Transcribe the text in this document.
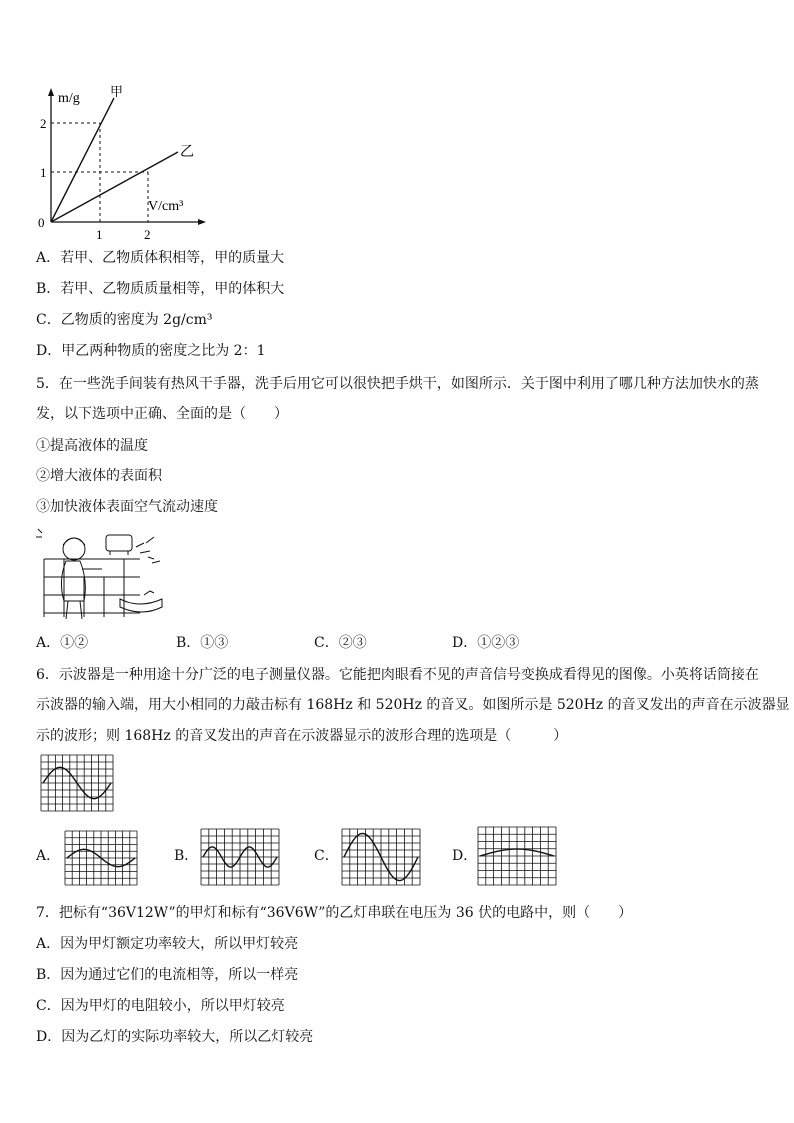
m/g
V/cm³
0
1
2
1	2
甲
乙
A．若甲、乙物质体积相等，甲的质量大
B．若甲、乙物质质量相等，甲的体积大
C．乙物质的密度为 2g/cm³
D．甲乙两种物质的密度之比为 2：1
5．在一些洗手间装有热风干手器，洗手后用它可以很快把手烘干，如图所示．关于图中利用了哪几种方法加快水的蒸
发，以下选项中正确、全面的是（　　）
①提高液体的温度
②增大液体的表面积
③加快液体表面空气流动速度
A．①②	B．①③	C．②③	D．①②③
6．示波器是一种用途十分广泛的电子测量仪器。它能把肉眼看不见的声音信号变换成看得见的图像。小英将话筒接在
示波器的输入端，用大小相同的力敲击标有 168Hz 和 520Hz 的音叉。如图所示是 520Hz 的音叉发出的声音在示波器显
示的波形；则 168Hz 的音叉发出的声音在示波器显示的波形合理的选项是（　　　）
A．	B．	C．	D．
7．把标有“36V12W”的甲灯和标有“36V6W”的乙灯串联在电压为 36 伏的电路中，则（　　）
A．因为甲灯额定功率较大，所以甲灯较亮
B．因为通过它们的电流相等，所以一样亮
C．因为甲灯的电阻较小，所以甲灯较亮
D．因为乙灯的实际功率较大，所以乙灯较亮
